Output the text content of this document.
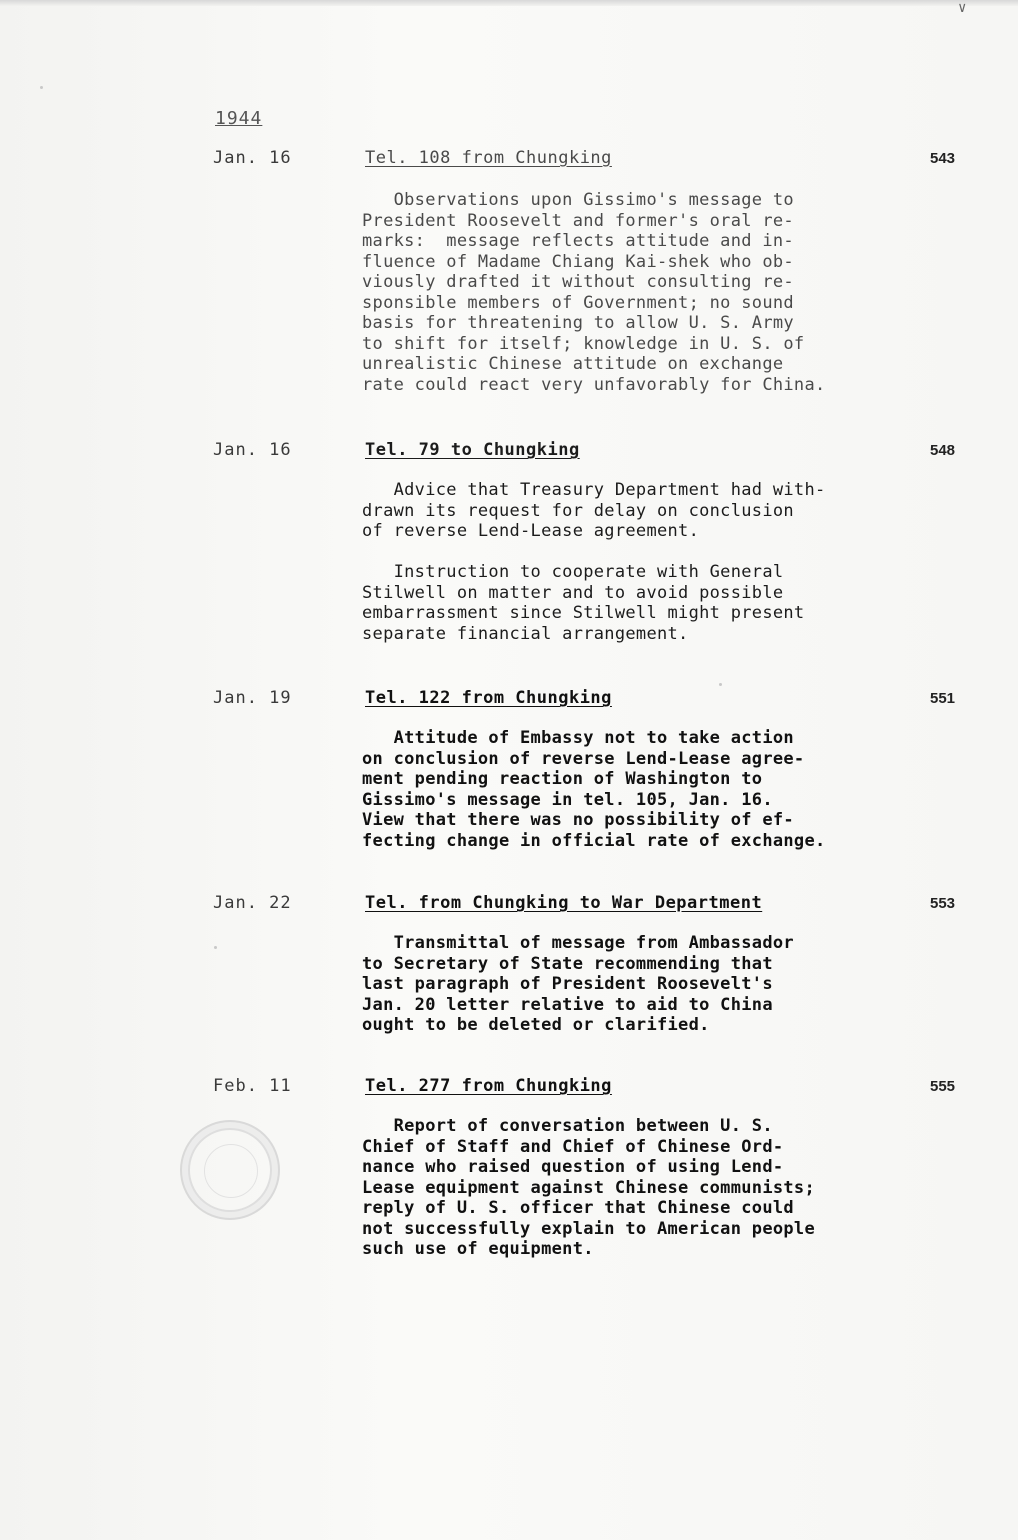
∨
1944
Jan. 16	Tel. 108 from Chungking	543

Observations upon Gissimo's message to
President Roosevelt and former's oral re-
marks:  message reflects attitude and in-
fluence of Madame Chiang Kai-shek who ob-
viously drafted it without consulting re-
sponsible members of Government; no sound
basis for threatening to allow U. S. Army
to shift for itself; knowledge in U. S. of
unrealistic Chinese attitude on exchange
rate could react very unfavorably for China.

Jan. 16	Tel. 79 to Chungking	548

Advice that Treasury Department had with-
drawn its request for delay on conclusion
of reverse Lend-Lease agreement.

Instruction to cooperate with General
Stilwell on matter and to avoid possible
embarrassment since Stilwell might present
separate financial arrangement.

Jan. 19	Tel. 122 from Chungking	551

Attitude of Embassy not to take action
on conclusion of reverse Lend-Lease agree-
ment pending reaction of Washington to
Gissimo's message in tel. 105, Jan. 16.
View that there was no possibility of ef-
fecting change in official rate of exchange.

Jan. 22	Tel. from Chungking to War Department	553

Transmittal of message from Ambassador
to Secretary of State recommending that
last paragraph of President Roosevelt's
Jan. 20 letter relative to aid to China
ought to be deleted or clarified.

Feb. 11	Tel. 277 from Chungking	555

Report of conversation between U. S.
Chief of Staff and Chief of Chinese Ord-
nance who raised question of using Lend-
Lease equipment against Chinese communists;
reply of U. S. officer that Chinese could
not successfully explain to American people
such use of equipment.
